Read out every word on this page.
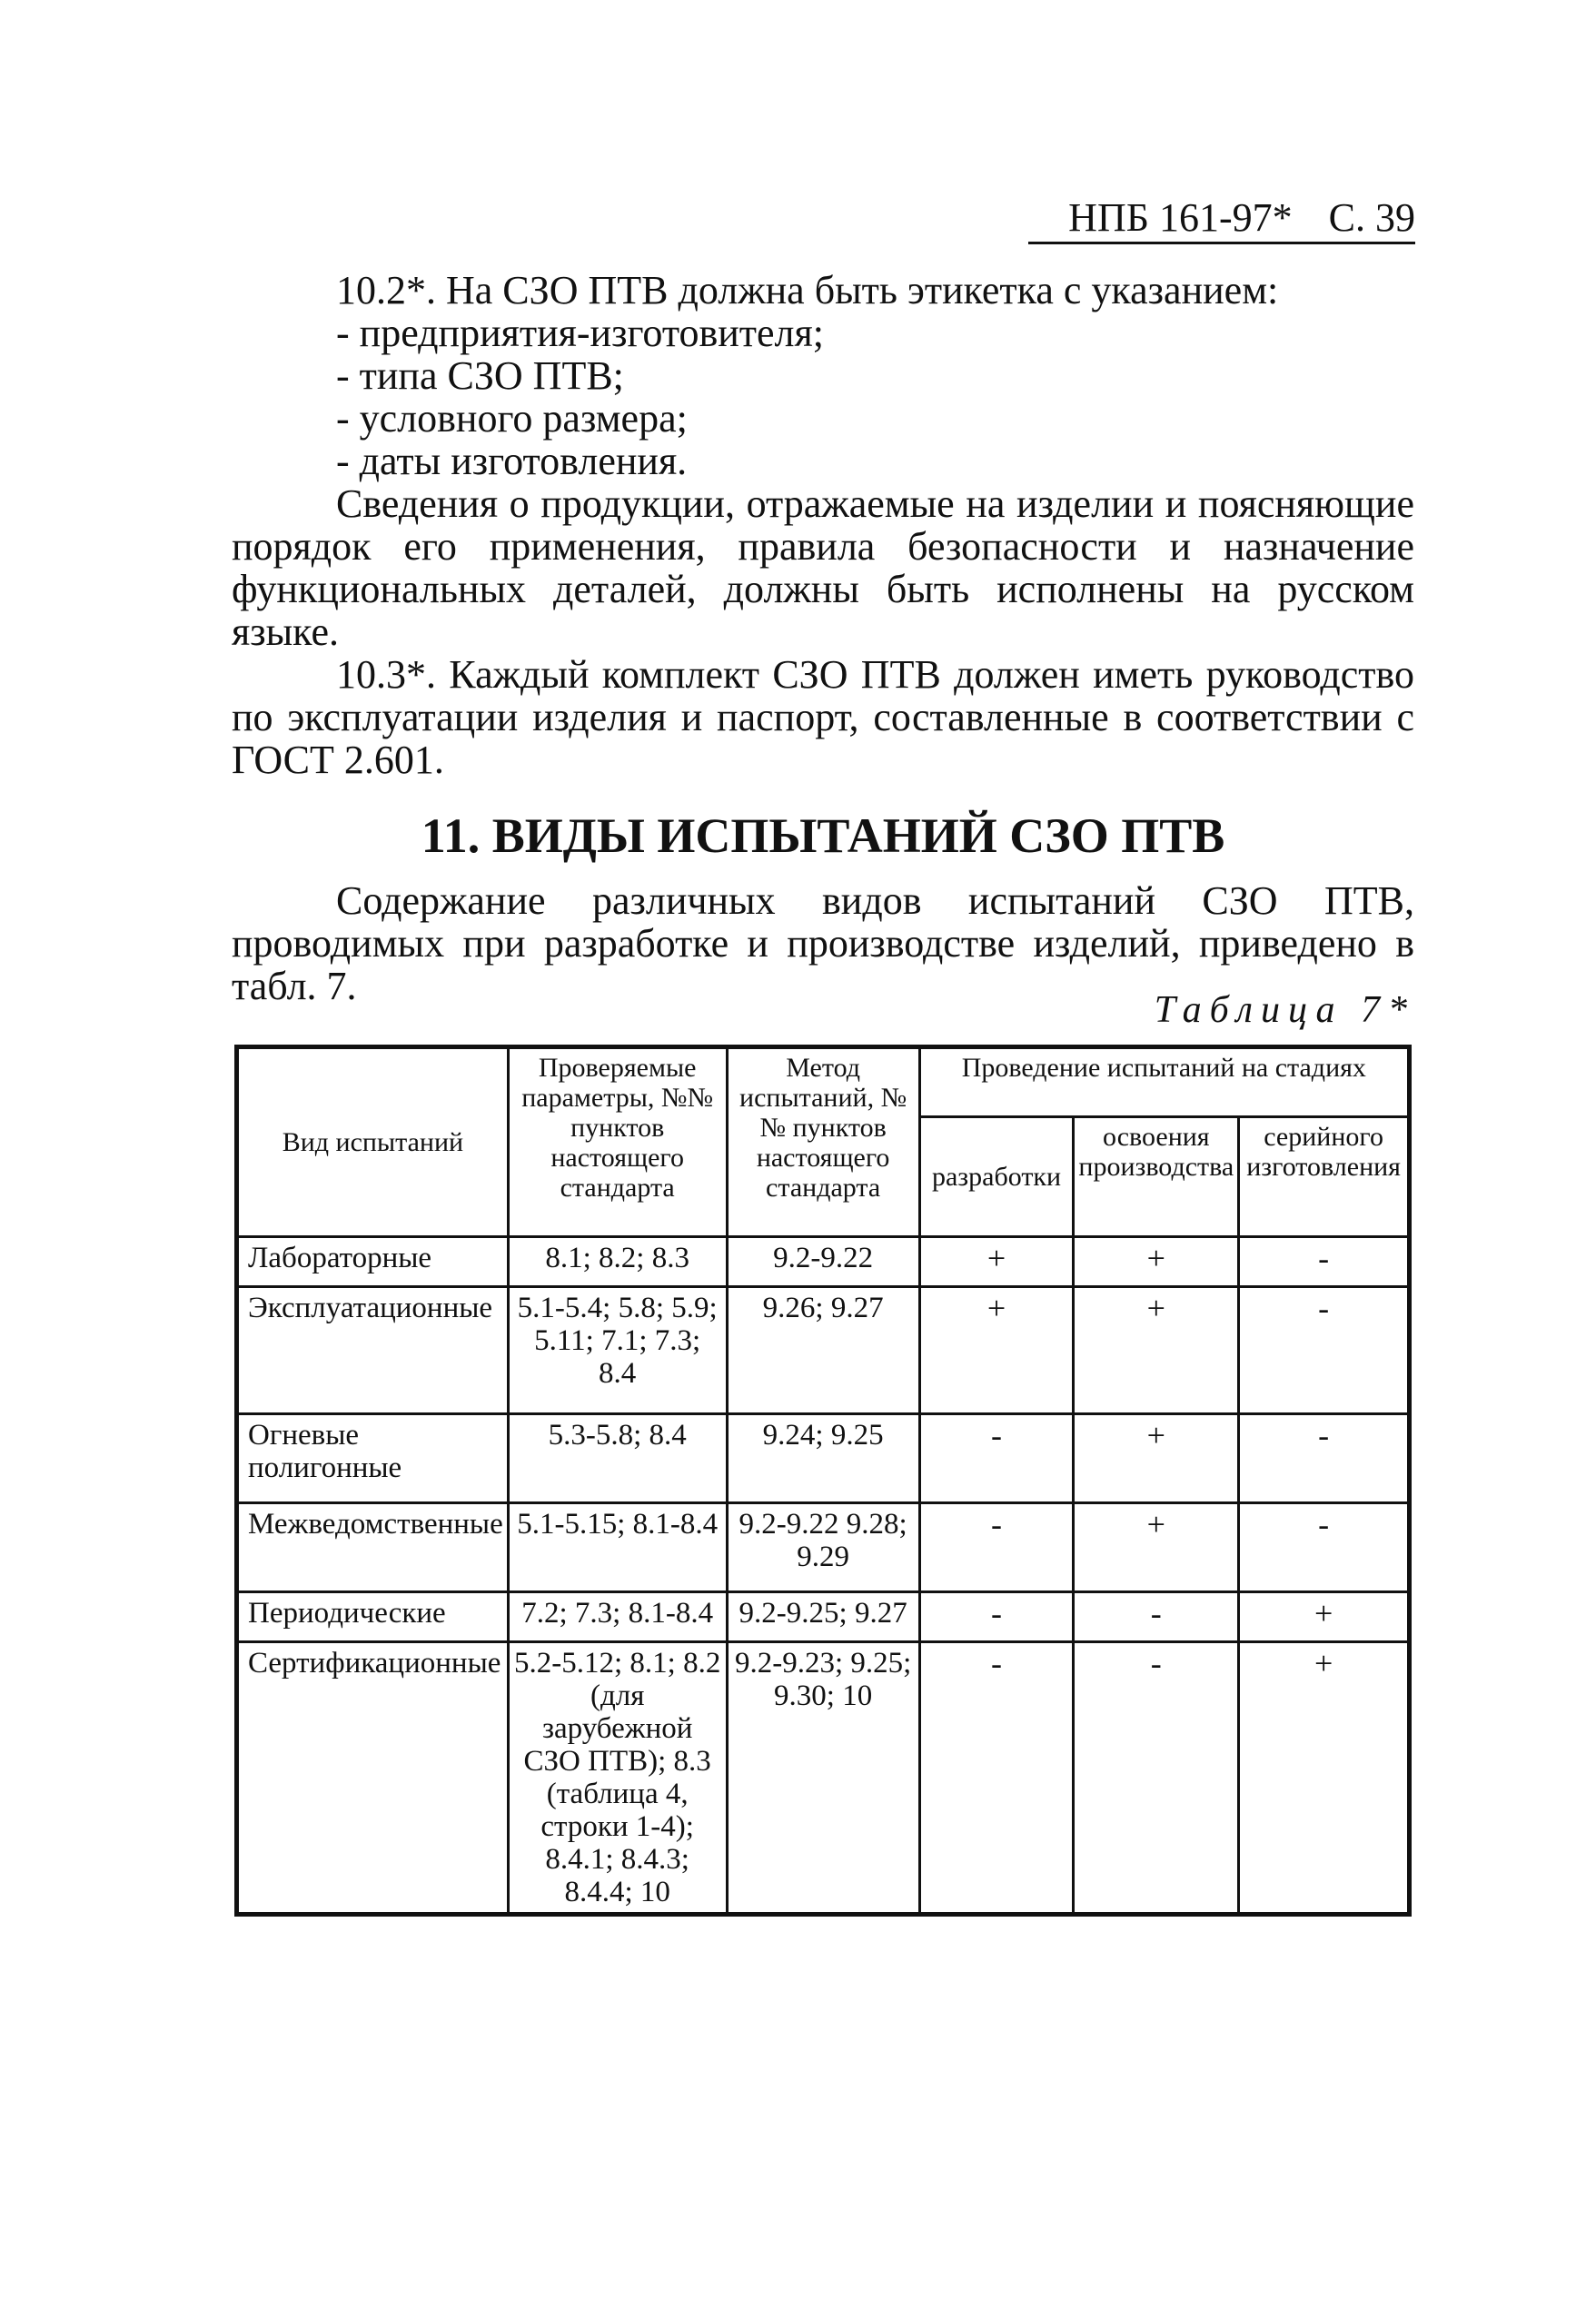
НПБ 161-97* С. 39

10.2*. На СЗО ПТВ должна быть этикетка с указанием:

- предприятия-изготовителя;

- типа СЗО ПТВ;

- условного размера;

- даты изготовления.

Сведения о продукции, отражаемые на изделии и поясняющие порядок его применения, правила безопасности и назначение функциональных деталей, должны быть исполнены на русском языке.

10.3*. Каждый комплект СЗО ПТВ должен иметь руководство по эксплуатации изделия и паспорт, составленные в соответствии с ГОСТ 2.601.

11. ВИДЫ ИСПЫТАНИЙ СЗО ПТВ

Содержание различных видов испытаний СЗО ПТВ, проводимых при разработке и производстве изделий, приведено в табл. 7.

Таблица 7*
Вид испытаний	Проверяемые параметры, №№ пунктов настоящего стандарта	Метод испытаний, №№ пунктов настоящего стандарта	Проведение испытаний на стадиях		
			разработки	освоения производства	серийного изготовления
Лабораторные	8.1; 8.2; 8.3	9.2-9.22	+	+	-
Эксплуатационные	5.1-5.4; 5.8; 5.9; 5.11; 7.1; 7.3; 8.4	9.26; 9.27	+	+	-
Огневые полигонные	5.3-5.8; 8.4	9.24; 9.25	-	+	-
Межведомственные	5.1-5.15; 8.1-8.4	9.2-9.22 9.28; 9.29	-	+	-
Периодические	7.2; 7.3; 8.1-8.4	9.2-9.25; 9.27	-	-	+
Сертификационные	5.2-5.12; 8.1; 8.2 (для зарубежной СЗО ПТВ); 8.3 (таблица 4, строки 1-4); 8.4.1; 8.4.3; 8.4.4; 10	9.2-9.23; 9.25; 9.30; 10	-	-	+
